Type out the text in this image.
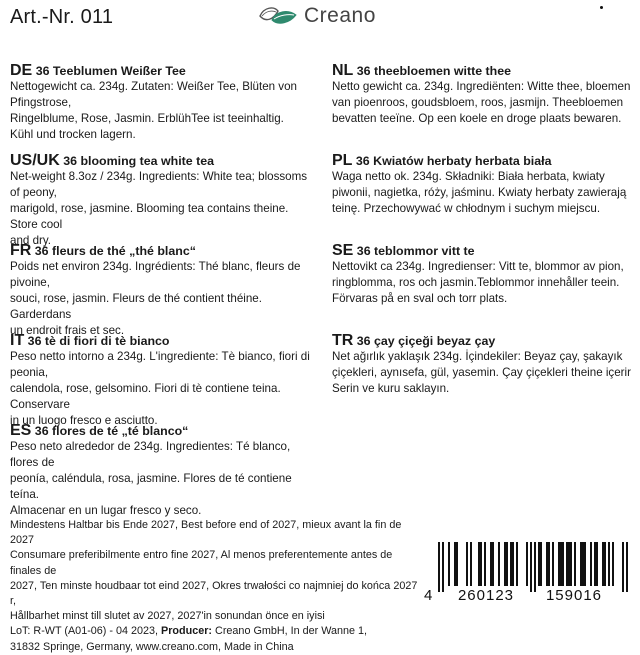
Art.-Nr. 011	Creano
DE 36 Teeblumen Weißer Tee
Nettogewicht ca. 234g. Zutaten: Weißer Tee, Blüten von Pfingstrose,
Ringelblume, Rose, Jasmin. ErblühTee ist teeinhaltig.
Kühl und trocken lagern.
US/UK 36 blooming tea white tea
Net-weight 8.3oz / 234g. Ingredients: White tea; blossoms of peony,
marigold, rose, jasmine. Blooming tea contains theine. Store cool
and dry.
FR 36 fleurs de thé „thé blanc“
Poids net environ 234g. Ingrédients: Thé blanc, fleurs de pivoine,
souci, rose, jasmin. Fleurs de thé contient théine. Garderdans
un endroit frais et sec.
IT 36 tè di fiori di tè bianco
Peso netto intorno a 234g. L'ingrediente: Tè bianco, fiori di peonia,
calendola, rose, gelsomino. Fiori di tè contiene teina. Conservare
in un luogo fresco e asciutto.
ES 36 flores de té „té blanco“
Peso neto alrededor de 234g. Ingredientes: Té blanco, flores de
peonía, caléndula, rosa, jasmine. Flores de té contiene teína.
Almacenar en un lugar fresco y seco.
NL 36 theebloemen witte thee
Netto gewicht ca. 234g. Ingrediënten: Witte thee, bloemen
van pioenroos, goudsbloem, roos, jasmijn. Theebloemen
bevatten teeïne. Op een koele en droge plaats bewaren.
PL 36 Kwiatów herbaty herbata biała
Waga netto ok. 234g. Składniki: Biała herbata, kwiaty
piwonii, nagietka, róży, jaśminu. Kwiaty herbaty zawierają
teinę. Przechowywać w chłodnym i suchym miejscu.
SE 36 teblommor vitt te
Nettovikt ca 234g. Ingredienser: Vitt te, blommor av pion,
ringblomma, ros och jasmin.Teblommor innehåller teein.
Förvaras på en sval och torr plats.
TR 36 çay çiçeği beyaz çay
Net ağırlık yaklaşık 234g. İçindekiler: Beyaz çay, şakayık
çiçekleri, aynısefa, gül, yasemin. Çay çiçekleri theine içerir
Serin ve kuru saklayın.
Mindestens Haltbar bis Ende 2027, Best before end of 2027, mieux avant la fin de 2027
Consumare preferibilmente entro fine 2027, Al menos preferentemente antes de finales de
2027, Ten minste houdbaar tot eind 2027, Okres trwałości co najmniej do końca 2027 r,
Hållbarhet minst till slutet av 2027, 2027'in sonundan önce en iyisi
LoT: R-WT (A01-06) - 04 2023, Producer: Creano GmbH, In der Wanne 1,
31832 Springe, Germany, www.creano.com, Made in China
4 260123 159016
